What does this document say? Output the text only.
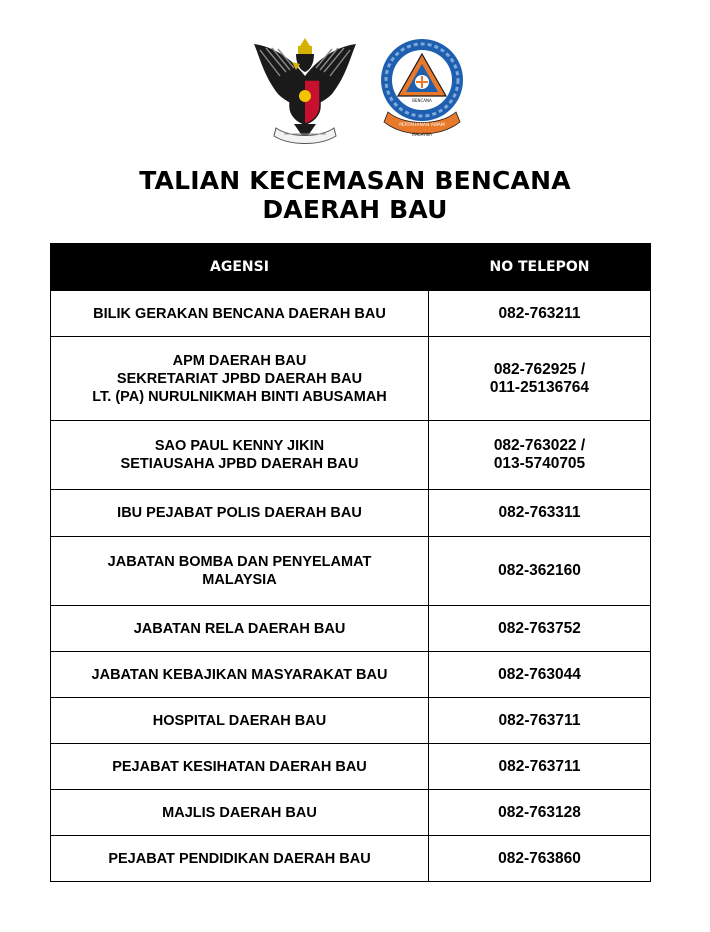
BENCANA
PERTAHANAN AWAM
MALAYSIA
TALIAN KECEMASAN BENCANA
DAERAH BAU
AGENSI	NO TELEPON
BILIK GERAKAN BENCANA DAERAH BAU	082-763211
APM DAERAH BAU
SEKRETARIAT JPBD DAERAH BAU
LT. (PA) NURULNIKMAH BINTI ABUSAMAH	082-762925 /
011-25136764
SAO PAUL KENNY JIKIN
SETIAUSAHA JPBD DAERAH BAU	082-763022 /
013-5740705
IBU PEJABAT POLIS DAERAH BAU	082-763311
JABATAN BOMBA DAN PENYELAMAT
MALAYSIA	082-362160
JABATAN RELA DAERAH BAU	082-763752
JABATAN KEBAJIKAN MASYARAKAT BAU	082-763044
HOSPITAL DAERAH BAU	082-763711
PEJABAT KESIHATAN DAERAH BAU	082-763711
MAJLIS DAERAH BAU	082-763128
PEJABAT PENDIDIKAN DAERAH BAU	082-763860
